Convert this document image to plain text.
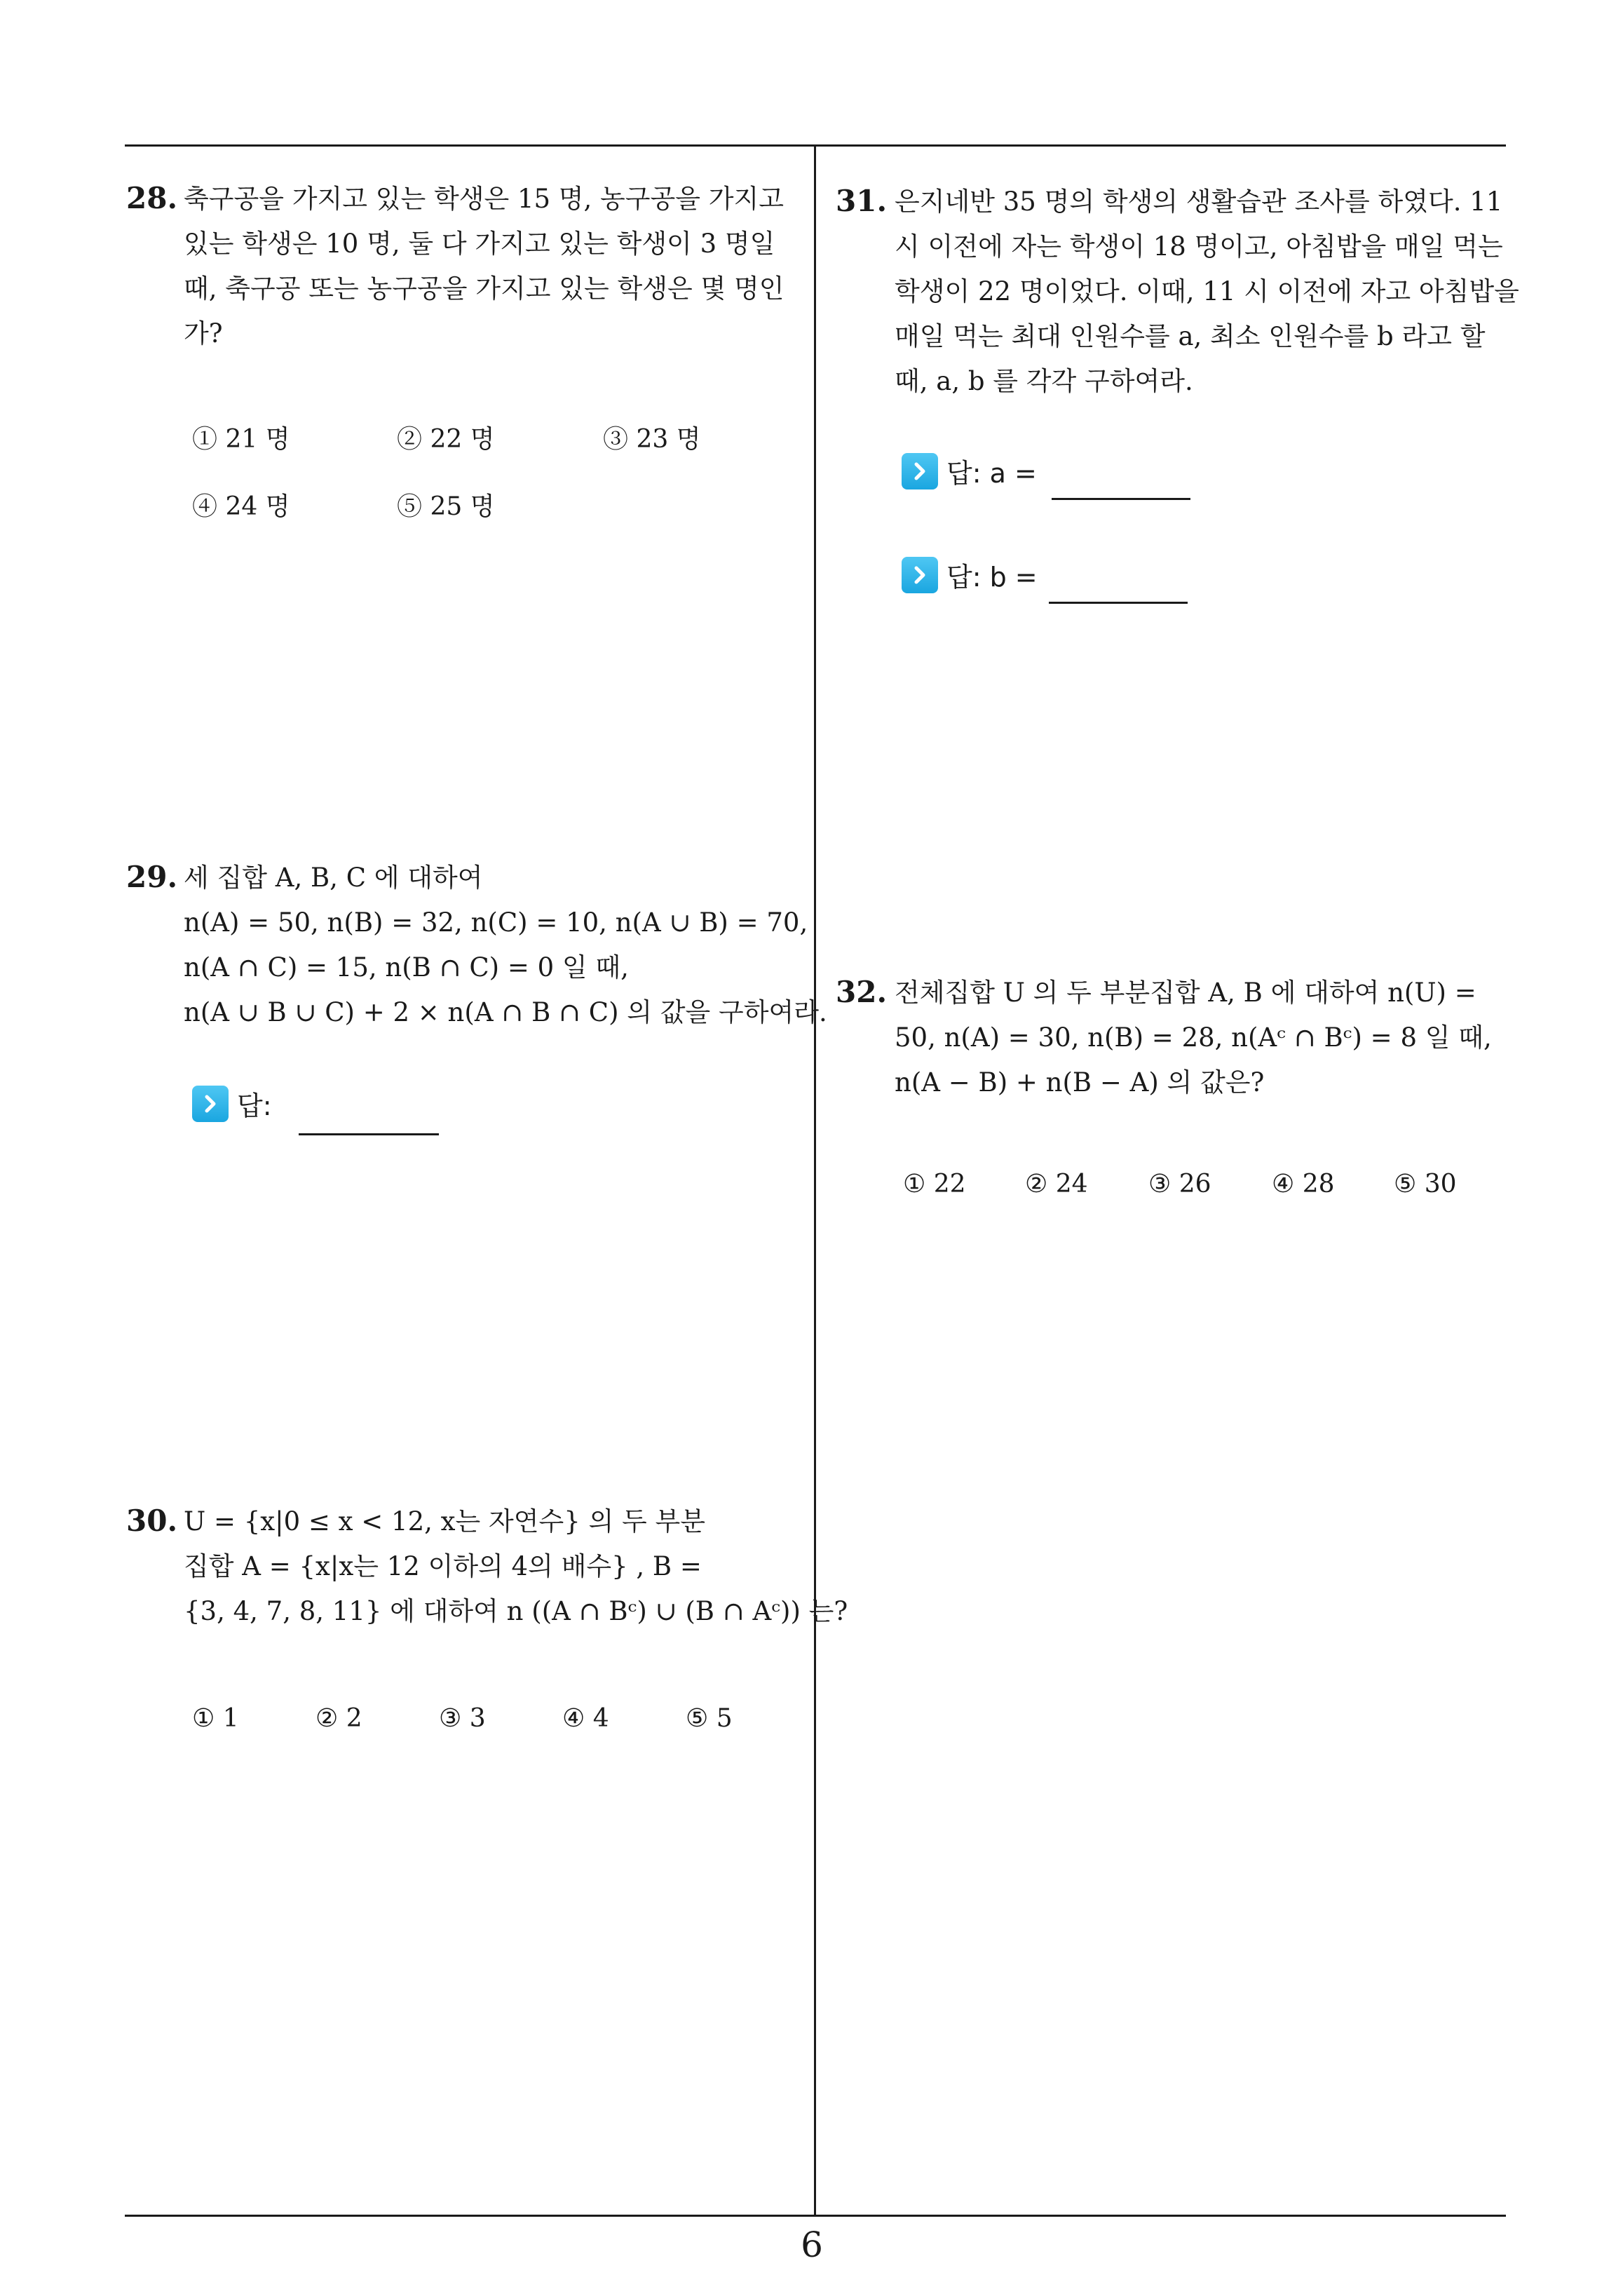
28. 축구공을 가지고 있는 학생은 15 명, 농구공을 가지고
있는 학생은 10 명, 둘 다 가지고 있는 학생이 3 명일
때, 축구공 또는 농구공을 가지고 있는 학생은 몇 명인
가?
① 21 명	② 22 명	③ 23 명
④ 24 명	⑤ 25 명
29. 세 집합 A, B, C 에 대하여
n(A) = 50, n(B) = 32, n(C) = 10, n(A ∪ B) = 70,
n(A ∩ C) = 15, n(B ∩ C) = 0 일 때,
n(A ∪ B ∪ C) + 2 × n(A ∩ B ∩ C) 의 값을 구하여라.
답:
30. U = {x|0 ≤ x < 12, x는 자연수} 의 두 부분
집합 A = {x|x는 12 이하의 4의 배수} , B =
{3, 4, 7, 8, 11} 에 대하여 n ((A ∩ Bᶜ) ∪ (B ∩ Aᶜ)) 는?
① 1	② 2	③ 3	④ 4	⑤ 5
31. 은지네반 35 명의 학생의 생활습관 조사를 하였다. 11
시 이전에 자는 학생이 18 명이고, 아침밥을 매일 먹는
학생이 22 명이었다. 이때, 11 시 이전에 자고 아침밥을
매일 먹는 최대 인원수를 a, 최소 인원수를 b 라고 할
때, a, b 를 각각 구하여라.
답: a =
답: b =
32. 전체집합 U 의 두 부분집합 A, B 에 대하여 n(U) =
50, n(A) = 30, n(B) = 28, n(Aᶜ ∩ Bᶜ) = 8 일 때,
n(A − B) + n(B − A) 의 값은?
① 22 ② 24 ③ 26 ④ 28 ⑤ 30
6
